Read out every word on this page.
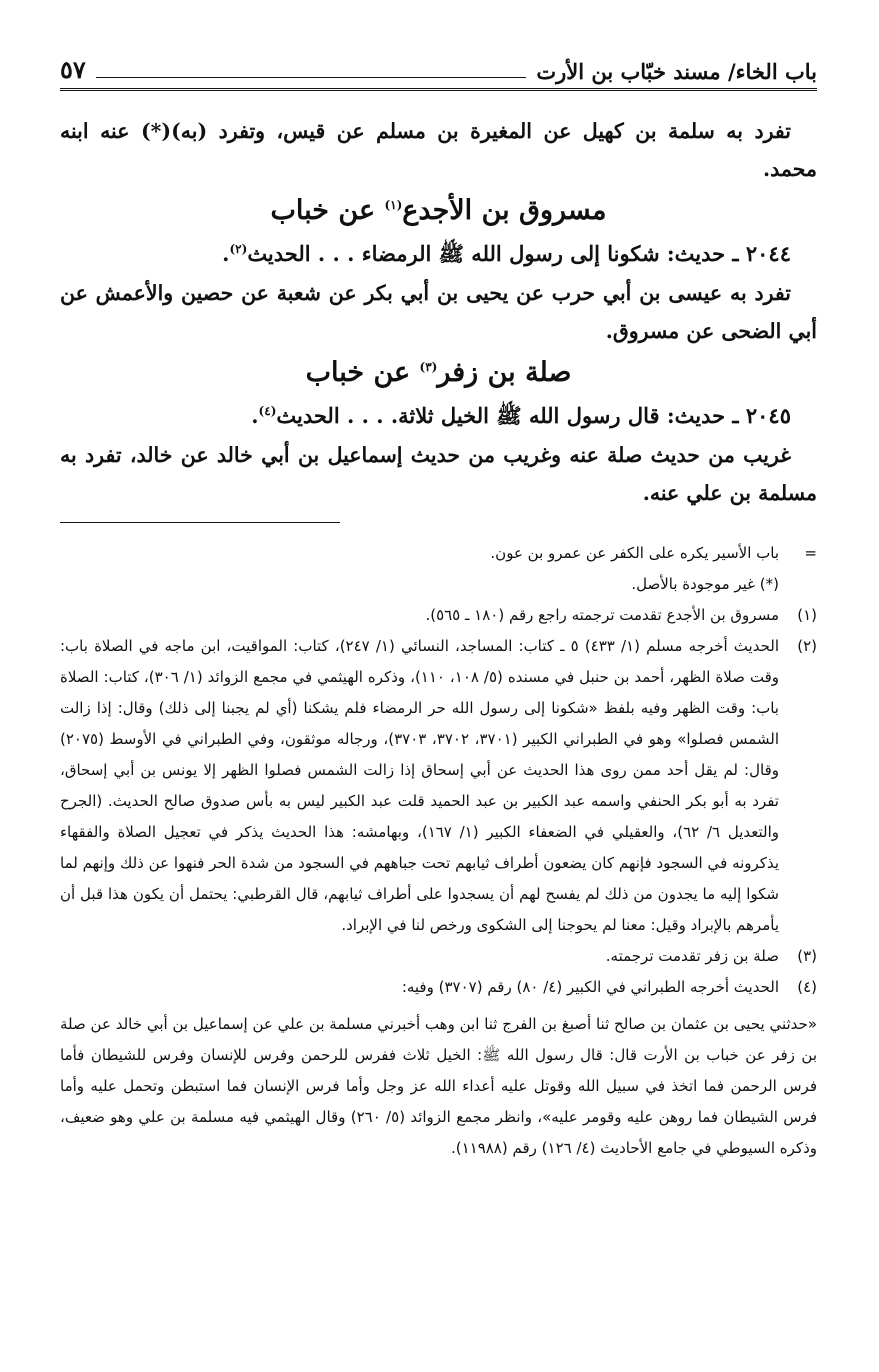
باب الخاء/ مسند خبّاب بن الأرت
٥٧

تفرد به سلمة بن كهيل عن المغيرة بن مسلم عن قيس، وتفرد (به)(*) عنه ابنه محمد.

مسروق بن الأجدع$^{(١)}$ عن خباب

٢٠٤٤ ـ حديث: شكونا إلى رسول الله ﷺ الرمضاء . . . الحديث$^{(٢)}$.

تفرد به عيسى بن أبي حرب عن يحيى بن أبي بكر عن شعبة عن حصين والأعمش عن أبي الضحى عن مسروق.

صلة بن زفر$^{(٣)}$ عن خباب

٢٠٤٥ ـ حديث: قال رسول الله ﷺ الخيل ثلاثة. . . . الحديث$^{(٤)}$.

غريب من حديث صلة عنه وغريب من حديث إسماعيل بن أبي خالد عن خالد، تفرد به مسلمة بن علي عنه.

=
باب الأسير يكره على الكفر عن عمرو بن عون.
(*) غير موجودة بالأصل.
(١)
مسروق بن الأجدع تقدمت ترجمته راجع رقم (١٨٠ ـ ٥٦٥).
(٢)
الحديث أخرجه مسلم (١/ ٤٣٣) ٥ ـ كتاب: المساجد، النسائي (١/ ٢٤٧)، كتاب: المواقيت، ابن ماجه في الصلاة باب: وقت صلاة الظهر، أحمد بن حنبل في مسنده (٥/ ١٠٨، ١١٠)، وذكره الهيثمي في مجمع الزوائد (١/ ٣٠٦)، كتاب: الصلاة باب: وقت الظهر وفيه بلفظ «شكونا إلى رسول الله حر الرمضاء فلم يشكنا (أي لم يجبنا إلى ذلك) وقال: إذا زالت الشمس فصلوا» وهو في الطبراني الكبير (٣٧٠١، ٣٧٠٢، ٣٧٠٣)، ورجاله موثقون، وفي الطبراني في الأوسط (٢٠٧٥) وقال: لم يقل أحد ممن روى هذا الحديث عن أبي إسحاق إذا زالت الشمس فصلوا الظهر إلا يونس بن أبي إسحاق، تفرد به أبو بكر الحنفي واسمه عبد الكبير بن عبد الحميد قلت عبد الكبير ليس به بأس صدوق صالح الحديث. (الجرح والتعديل ٦/ ٦٢)، والعقيلي في الضعفاء الكبير (١/ ١٦٧)، وبهامشه: هذا الحديث يذكر في تعجيل الصلاة والفقهاء يذكرونه في السجود فإنهم كان يضعون أطراف ثيابهم تحت جباههم في السجود من شدة الحر فنهوا عن ذلك وإنهم لما شكوا إليه ما يجدون من ذلك لم يفسح لهم أن يسجدوا على أطراف ثيابهم، قال القرطبي: يحتمل أن يكون هذا قبل أن يأمرهم بالإبراد وقيل: معنا لم يحوجنا إلى الشكوى ورخص لنا في الإبراد.
(٣)
صلة بن زفر تقدمت ترجمته.
(٤)
الحديث أخرجه الطبراني في الكبير (٤/ ٨٠) رقم (٣٧٠٧) وفيه:

«حدثني يحيى بن عثمان بن صالح ثنا أصبغ بن الفرج ثنا ابن وهب أخبرني مسلمة بن علي عن إسماعيل بن أبي خالد عن صلة بن زفر عن خباب بن الأرت قال: قال رسول الله ﷺ: الخيل ثلاث ففرس للرحمن وفرس للإنسان وفرس للشيطان فأما فرس الرحمن فما اتخذ في سبيل الله وقوتل عليه أعداء الله عز وجل وأما فرس الإنسان فما استبطن وتحمل عليه وأما فرس الشيطان فما روهن عليه وقومر عليه»، وانظر مجمع الزوائد (٥/ ٢٦٠) وقال الهيثمي فيه مسلمة بن علي وهو ضعيف، وذكره السيوطي في جامع الأحاديث (٤/ ١٢٦) رقم (١١٩٨٨).
